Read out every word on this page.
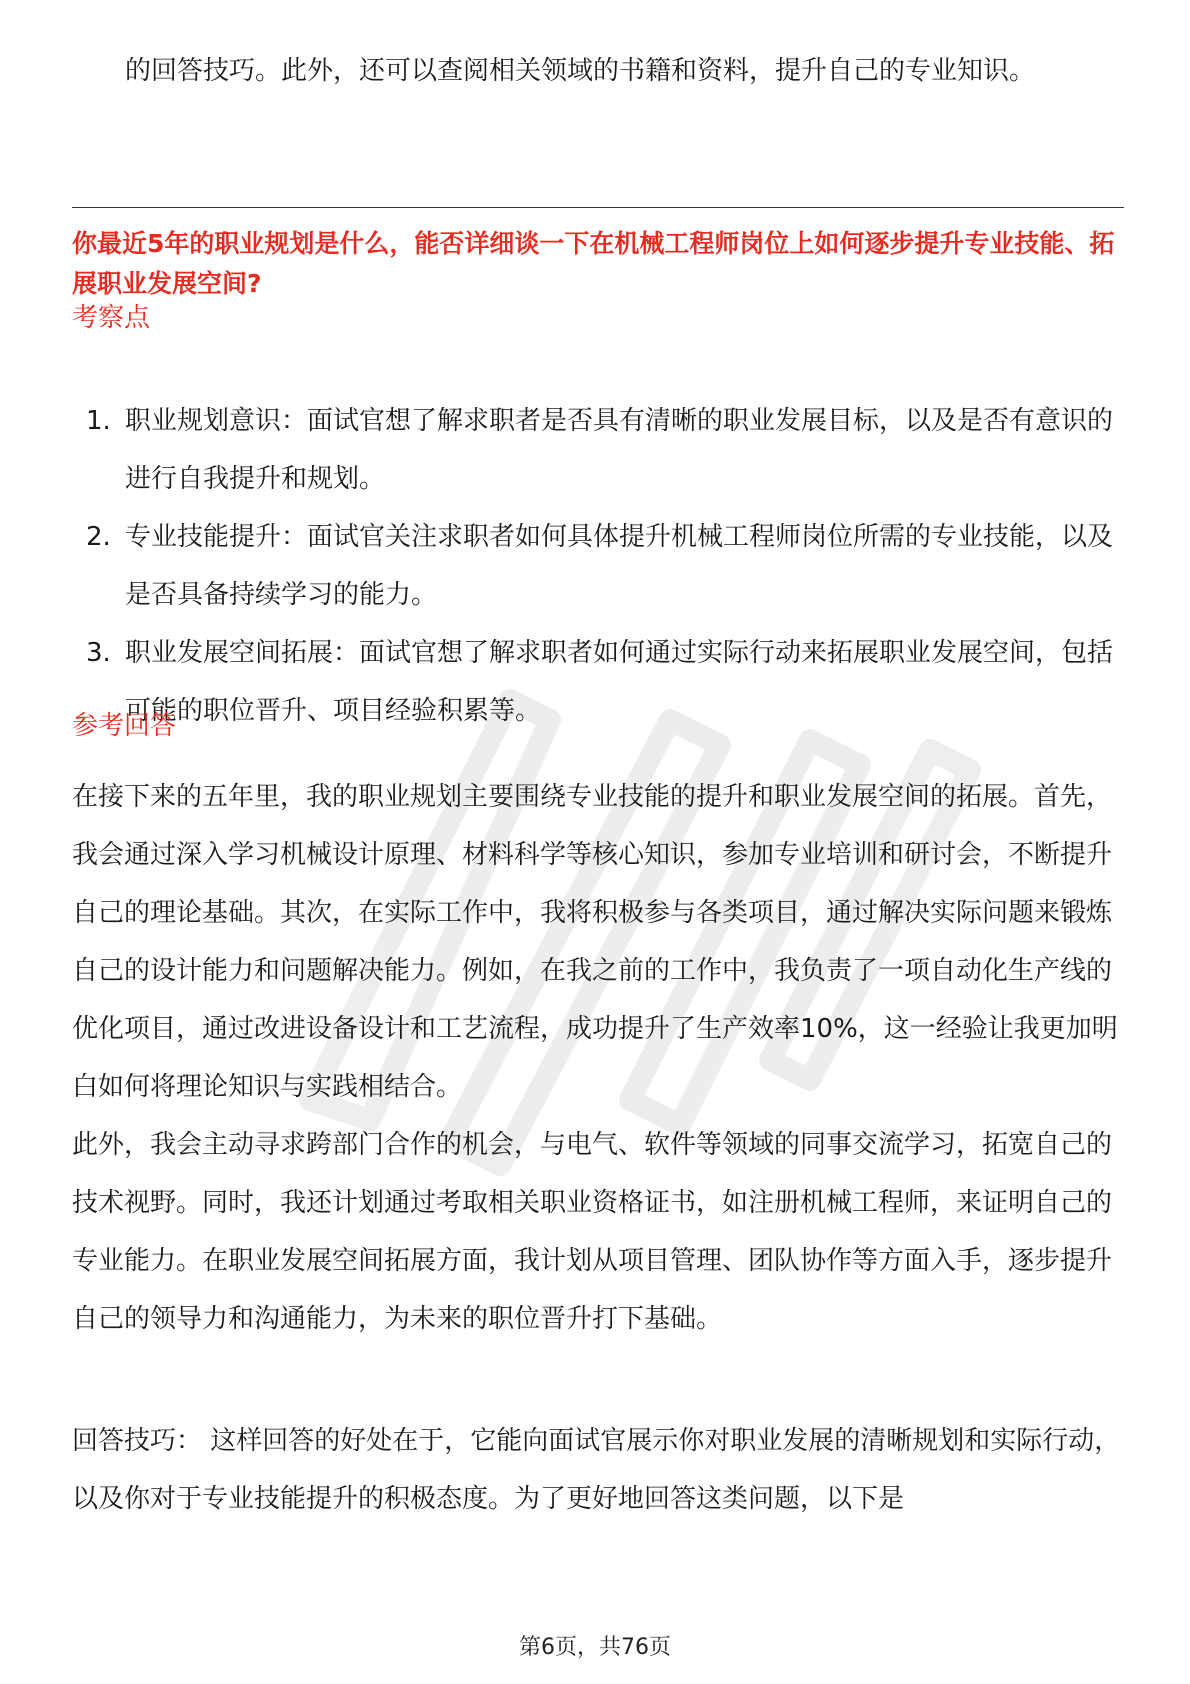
的回答技巧。此外，还可以查阅相关领域的书籍和资料，提升自己的专业知识。

你最近5年的职业规划是什么，能否详细谈一下在机械工程师岗位上如何逐步提升专业技能、拓展职业发展空间?

考察点

1. 职业规划意识：面试官想了解求职者是否具有清晰的职业发展目标，以及是否有意识的进行自我提升和规划。
2. 专业技能提升：面试官关注求职者如何具体提升机械工程师岗位所需的专业技能，以及是否具备持续学习的能力。
3. 职业发展空间拓展：面试官想了解求职者如何通过实际行动来拓展职业发展空间，包括可能的职位晋升、项目经验积累等。

参考回答

在接下来的五年里，我的职业规划主要围绕专业技能的提升和职业发展空间的拓展。首先，我会通过深入学习机械设计原理、材料科学等核心知识，参加专业培训和研讨会，不断提升自己的理论基础。其次，在实际工作中，我将积极参与各类项目，通过解决实际问题来锻炼自己的设计能力和问题解决能力。例如，在我之前的工作中，我负责了一项自动化生产线的优化项目，通过改进设备设计和工艺流程，成功提升了生产效率10%，这一经验让我更加明白如何将理论知识与实践相结合。

此外，我会主动寻求跨部门合作的机会，与电气、软件等领域的同事交流学习，拓宽自己的技术视野。同时，我还计划通过考取相关职业资格证书，如注册机械工程师，来证明自己的专业能力。在职业发展空间拓展方面，我计划从项目管理、团队协作等方面入手，逐步提升自己的领导力和沟通能力，为未来的职位晋升打下基础。

回答技巧： 这样回答的好处在于，它能向面试官展示你对职业发展的清晰规划和实际行动，以及你对于专业技能提升的积极态度。为了更好地回答这类问题，以下是

第6页，共76页
